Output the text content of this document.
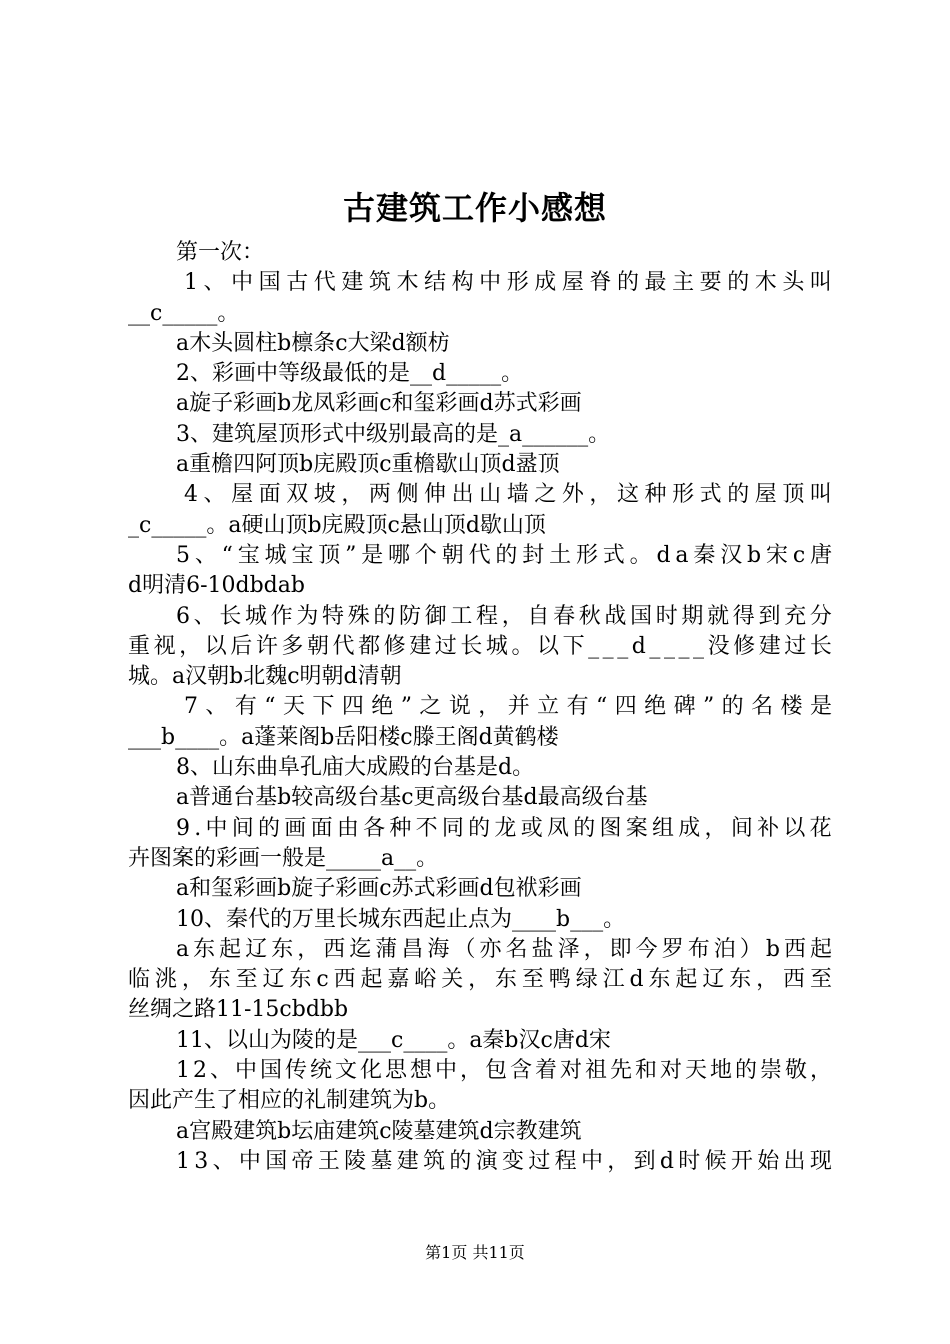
古建筑工作小感想
第一次：
1 、 中 国 古 代 建 筑 木 结 构 中 形 成 屋 脊 的 最 主 要 的 木 头 叫
__c_____。
a木头圆柱b檩条c大梁d额枋
2、彩画中等级最低的是__d_____。
a旋子彩画b龙凤彩画c和玺彩画d苏式彩画
3、建筑屋顶形式中级别最高的是_a______。
a重檐四阿顶b庑殿顶c重檐歇山顶d盝顶
4 、 屋 面 双 坡 ， 两 侧 伸 出 山 墙 之 外 ， 这 种 形 式 的 屋 顶 叫
_c_____。a硬山顶b庑殿顶c悬山顶d歇山顶
5 、 “ 宝 城 宝 顶 ” 是 哪 个 朝 代 的 封 土 形 式 。 d a 秦 汉 b 宋 c 唐
d明清6-10dbdab
6 、 长 城 作 为 特 殊 的 防 御 工 程 ， 自 春 秋 战 国 时 期 就 得 到 充 分
重 视 ， 以 后 许 多 朝 代 都 修 建 过 长 城 。 以 下 _ _ _ d _ _ _ _ 没 修 建 过 长
城。a汉朝b北魏c明朝d清朝
7 、 有 “ 天 下 四 绝 ” 之 说 ， 并 立 有 “ 四 绝 碑 ” 的 名 楼 是
___b____。a蓬莱阁b岳阳楼c滕王阁d黄鹤楼
8、山东曲阜孔庙大成殿的台基是d。
a普通台基b较高级台基c更高级台基d最高级台基
9 . 中 间 的 画 面 由 各 种 不 同 的 龙 或 凤 的 图 案 组 成 ， 间 补 以 花
卉图案的彩画一般是_____a__。
a和玺彩画b旋子彩画c苏式彩画d包袱彩画
10、秦代的万里长城东西起止点为____b___。
a 东 起 辽 东 ， 西 迄 蒲 昌 海 （ 亦 名 盐 泽 ， 即 今 罗 布 泊 ） b 西 起
临 洮 ， 东 至 辽 东 c 西 起 嘉 峪 关 ， 东 至 鸭 绿 江 d 东 起 辽 东 ， 西 至
丝绸之路11-15cbdbb
11、以山为陵的是___c____。a秦b汉c唐d宋
1 2 、 中 国 传 统 文 化 思 想 中 ， 包 含 着 对 祖 先 和 对 天 地 的 崇 敬 ，
因此产生了相应的礼制建筑为b。
a宫殿建筑b坛庙建筑c陵墓建筑d宗教建筑
1 3 、 中 国 帝 王 陵 墓 建 筑 的 演 变 过 程 中 ， 到 d 时 候 开 始 出 现
第1页 共11页
